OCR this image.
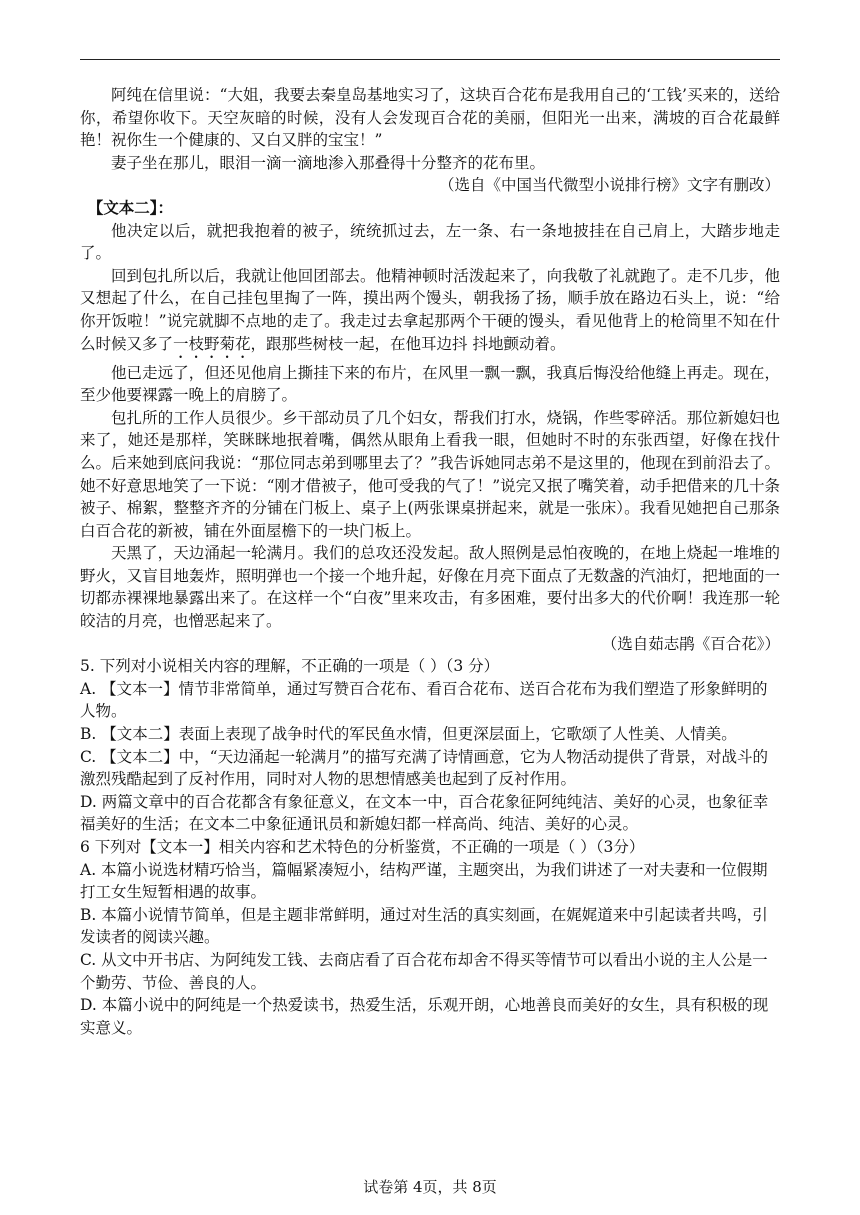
阿纯在信里说：“大姐，我要去秦皇岛基地实习了，这块百合花布是我用自己的‘工钱’买来的，送给你，希望你收下。天空灰暗的时候，没有人会发现百合花的美丽，但阳光一出来，满坡的百合花最鲜艳！祝你生一个健康的、又白又胖的宝宝！”

妻子坐在那儿，眼泪一滴一滴地渗入那叠得十分整齐的花布里。

（选自《中国当代微型小说排行榜》文字有删改）

【文本二】：

他决定以后，就把我抱着的被子，统统抓过去，左一条、右一条地披挂在自己肩上，大踏步地走了。

回到包扎所以后，我就让他回团部去。他精神顿时活泼起来了，向我敬了礼就跑了。走不几步，他又想起了什么，在自己挂包里掏了一阵，摸出两个馒头，朝我扬了扬，顺手放在路边石头上，说：“给你开饭啦！”说完就脚不点地的走了。我走过去拿起那两个干硬的馒头，看见他背上的枪筒里不知在什么时候又多了一枝野菊花，跟那些树枝一起，在他耳边抖 抖地颤动着。

他已走远了，但还见他肩上撕挂下来的布片，在风里一飘一飘，我真后悔没给他缝上再走。现在，至少他要裸露一晚上的肩膀了。

包扎所的工作人员很少。乡干部动员了几个妇女，帮我们打水，烧锅，作些零碎活。那位新媳妇也来了，她还是那样，笑眯眯地抿着嘴，偶然从眼角上看我一眼，但她时不时的东张西望，好像在找什么。后来她到底问我说：“那位同志弟到哪里去了？”我告诉她同志弟不是这里的，他现在到前沿去了。她不好意思地笑了一下说：“刚才借被子，他可受我的气了！”说完又抿了嘴笑着，动手把借来的几十条被子、棉絮，整整齐齐的分铺在门板上、桌子上(两张课桌拼起来，就是一张床）。我看见她把自己那条白百合花的新被，铺在外面屋檐下的一块门板上。

天黑了，天边涌起一轮满月。我们的总攻还没发起。敌人照例是忌怕夜晚的，在地上烧起一堆堆的野火，又盲目地轰炸，照明弹也一个接一个地升起，好像在月亮下面点了无数盏的汽油灯，把地面的一切都赤裸裸地暴露出来了。在这样一个“白夜”里来攻击，有多困难，要付出多大的代价啊！我连那一轮皎洁的月亮，也憎恶起来了。

（选自茹志鹃《百合花》）

5. 下列对小说相关内容的理解，不正确的一项是（ ）（3 分）

A. 【文本一】情节非常简单，通过写赞百合花布、看百合花布、送百合花布为我们塑造了形象鲜明的人物。

B. 【文本二】表面上表现了战争时代的军民鱼水情，但更深层面上，它歌颂了人性美、人情美。

C. 【文本二】中，“天边涌起一轮满月”的描写充满了诗情画意，它为人物活动提供了背景，对战斗的激烈残酷起到了反衬作用，同时对人物的思想情感美也起到了反衬作用。

D. 两篇文章中的百合花都含有象征意义，在文本一中，百合花象征阿纯纯洁、美好的心灵，也象征幸福美好的生活；在文本二中象征通讯员和新媳妇都一样高尚、纯洁、美好的心灵。

6 下列对【文本一】相关内容和艺术特色的分析鉴赏，不正确的一项是（ ）（3分）

A. 本篇小说选材精巧恰当，篇幅紧凑短小，结构严谨，主题突出，为我们讲述了一对夫妻和一位假期打工女生短暂相遇的故事。

B. 本篇小说情节简单，但是主题非常鲜明，通过对生活的真实刻画，在娓娓道来中引起读者共鸣，引发读者的阅读兴趣。

C. 从文中开书店、为阿纯发工钱、去商店看了百合花布却舍不得买等情节可以看出小说的主人公是一个勤劳、节俭、善良的人。

D. 本篇小说中的阿纯是一个热爱读书，热爱生活，乐观开朗，心地善良而美好的女生，具有积极的现实意义。

试卷第 4页，共 8页
